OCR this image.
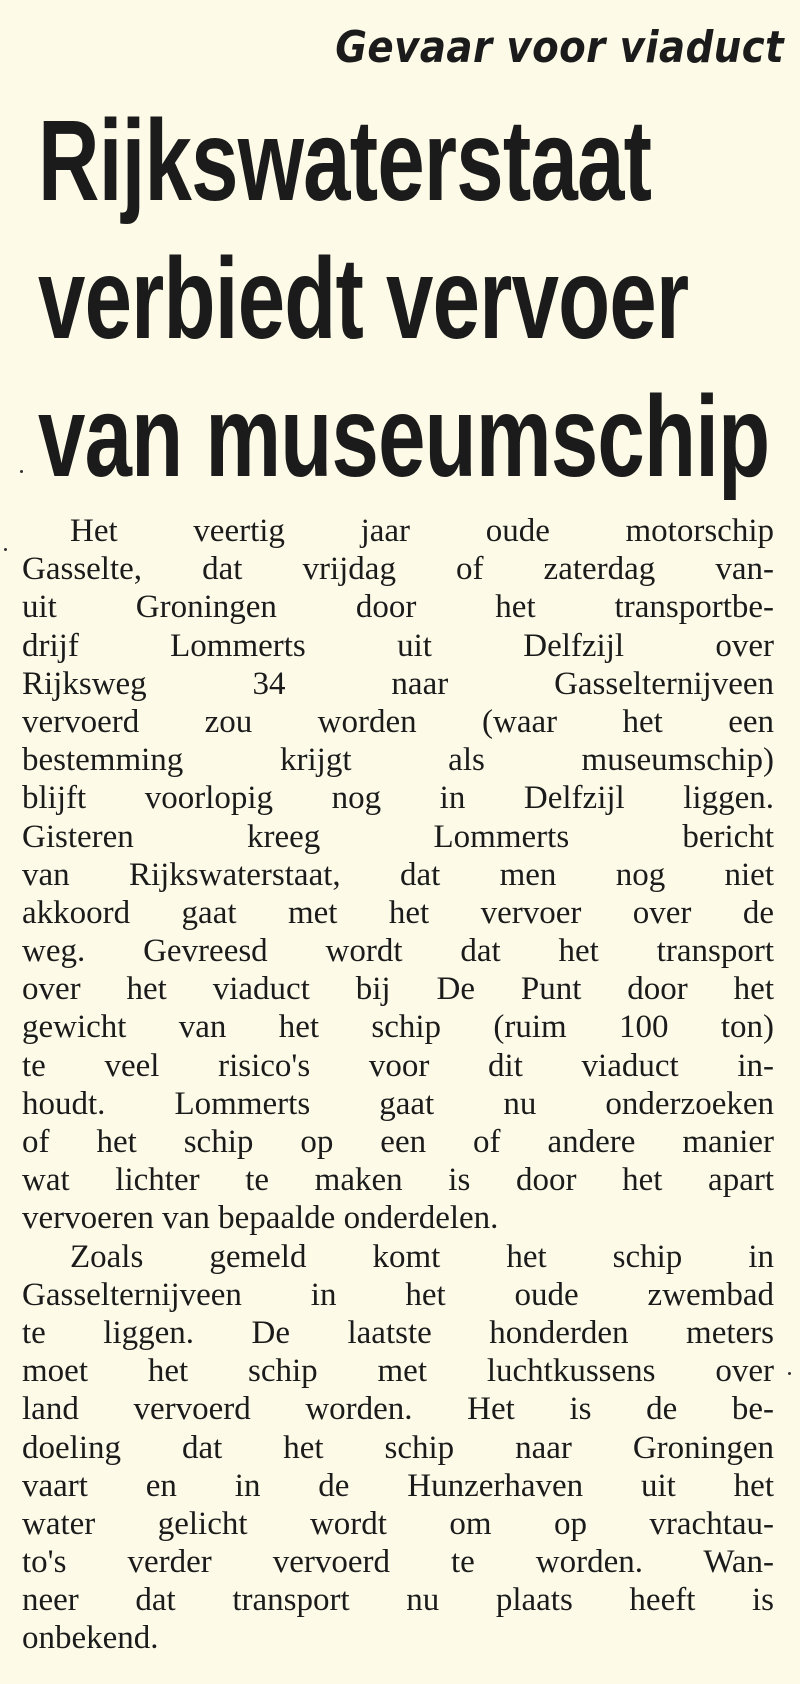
Gevaar voor viaduct
Rijkswaterstaat
verbiedt vervoer
van museumschip
Het veertig jaar oude motorschip
Gasselte, dat vrijdag of zaterdag van-
uit Groningen door het transportbe-
drijf Lommerts uit Delfzijl over
Rijksweg 34 naar Gasselternijveen
vervoerd zou worden (waar het een
bestemming krijgt als museumschip)
blijft voorlopig nog in Delfzijl liggen.
Gisteren kreeg Lommerts bericht
van Rijkswaterstaat, dat men nog niet
akkoord gaat met het vervoer over de
weg. Gevreesd wordt dat het transport
over het viaduct bij De Punt door het
gewicht van het schip (ruim 100 ton)
te veel risico's voor dit viaduct in-
houdt. Lommerts gaat nu onderzoeken
of het schip op een of andere manier
wat lichter te maken is door het apart
vervoeren van bepaalde onderdelen.
Zoals gemeld komt het schip in
Gasselternijveen in het oude zwembad
te liggen. De laatste honderden meters
moet het schip met luchtkussens over
land vervoerd worden. Het is de be-
doeling dat het schip naar Groningen
vaart en in de Hunzerhaven uit het
water gelicht wordt om op vrachtau-
to's verder vervoerd te worden. Wan-
neer dat transport nu plaats heeft is
onbekend.
